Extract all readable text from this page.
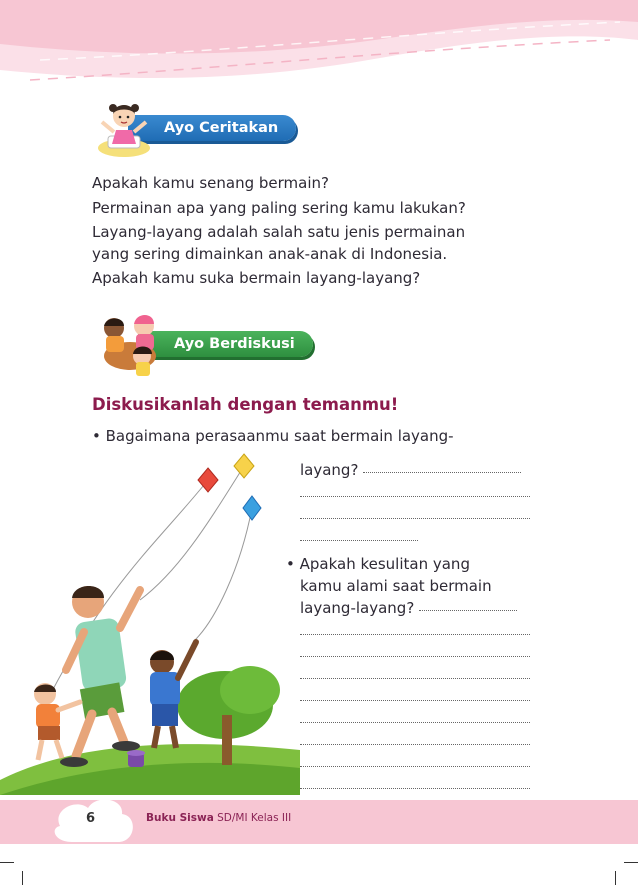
Ayo Ceritakan

Apakah kamu senang bermain?

Permainan apa yang paling sering kamu lakukan?

Layang-layang adalah salah satu jenis permainan
yang sering dimainkan anak-anak di Indonesia.

Apakah kamu suka bermain layang-layang?

Ayo Berdiskusi
Diskusikanlah dengan temanmu!
• Bagaimana perasaanmu saat bermain layang-
layang?
• Apakah kesulitan yang
kamu alami saat bermain
layang-layang?
6	Buku Siswa SD/MI Kelas III
